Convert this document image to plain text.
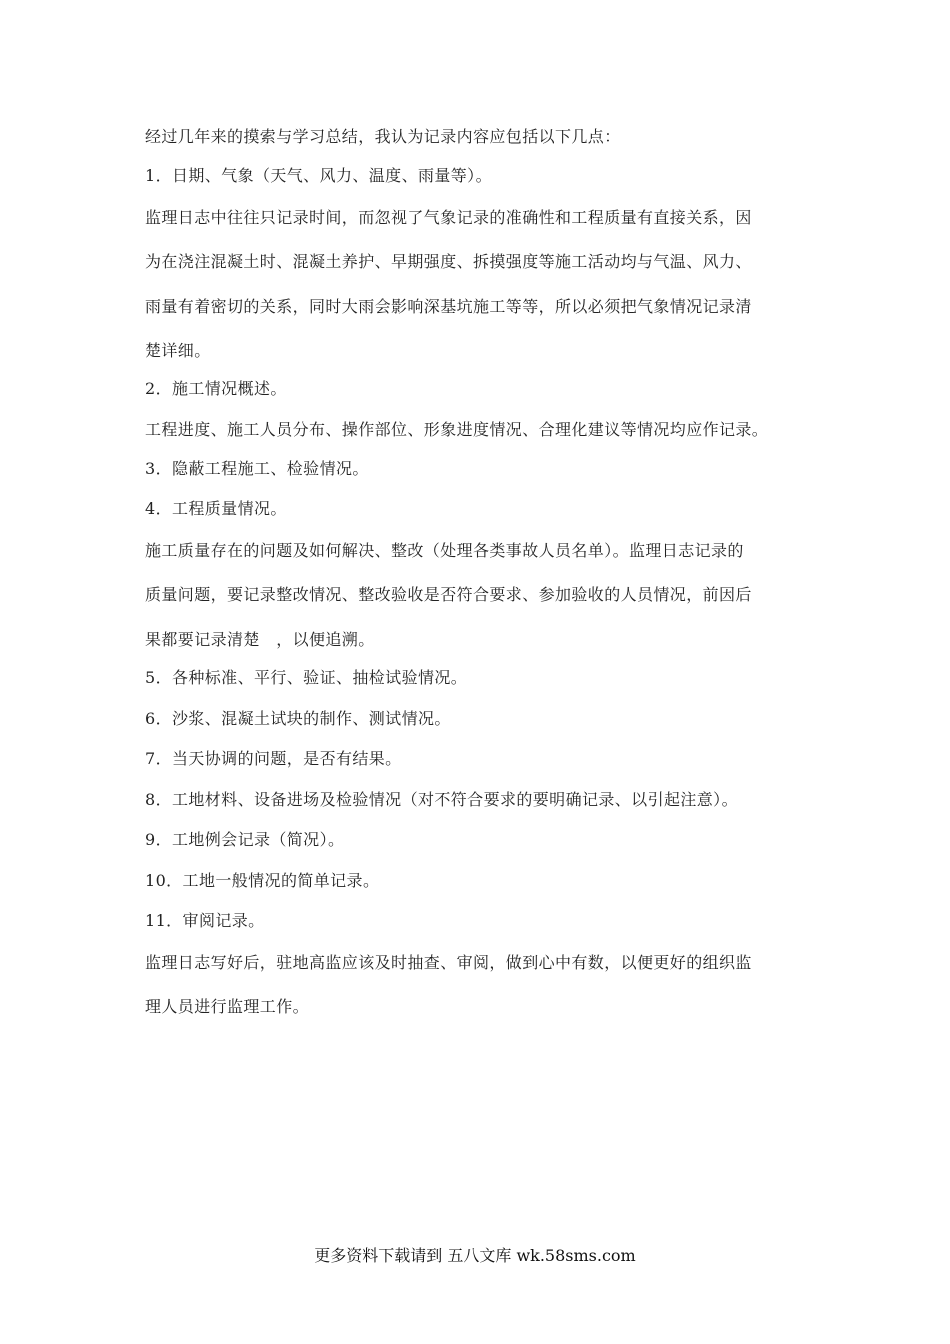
经过几年来的摸索与学习总结，我认为记录内容应包括以下几点：
1．日期、气象（天气、风力、温度、雨量等）。
监理日志中往往只记录时间，而忽视了气象记录的准确性和工程质量有直接关系，因
为在浇注混凝土时、混凝土养护、早期强度、拆摸强度等施工活动均与气温、风力、
雨量有着密切的关系，同时大雨会影响深基坑施工等等，所以必须把气象情况记录清
楚详细。
2．施工情况概述。
工程进度、施工人员分布、操作部位、形象进度情况、合理化建议等情况均应作记录。
3．隐蔽工程施工、检验情况。
4．工程质量情况。
施工质量存在的问题及如何解决、整改（处理各类事故人员名单）。监理日志记录的
质量问题，要记录整改情况、整改验收是否符合要求、参加验收的人员情况，前因后
果都要记录清楚　，以便追溯。
5．各种标准、平行、验证、抽检试验情况。
6．沙浆、混凝土试块的制作、测试情况。
7．当天协调的问题，是否有结果。
8．工地材料、设备进场及检验情况（对不符合要求的要明确记录、以引起注意）。
9．工地例会记录（简况）。
10．工地一般情况的简单记录。
11．审阅记录。
监理日志写好后，驻地高监应该及时抽查、审阅，做到心中有数，以便更好的组织监
理人员进行监理工作。
更多资料下载请到 五八文库 wk.58sms.com
